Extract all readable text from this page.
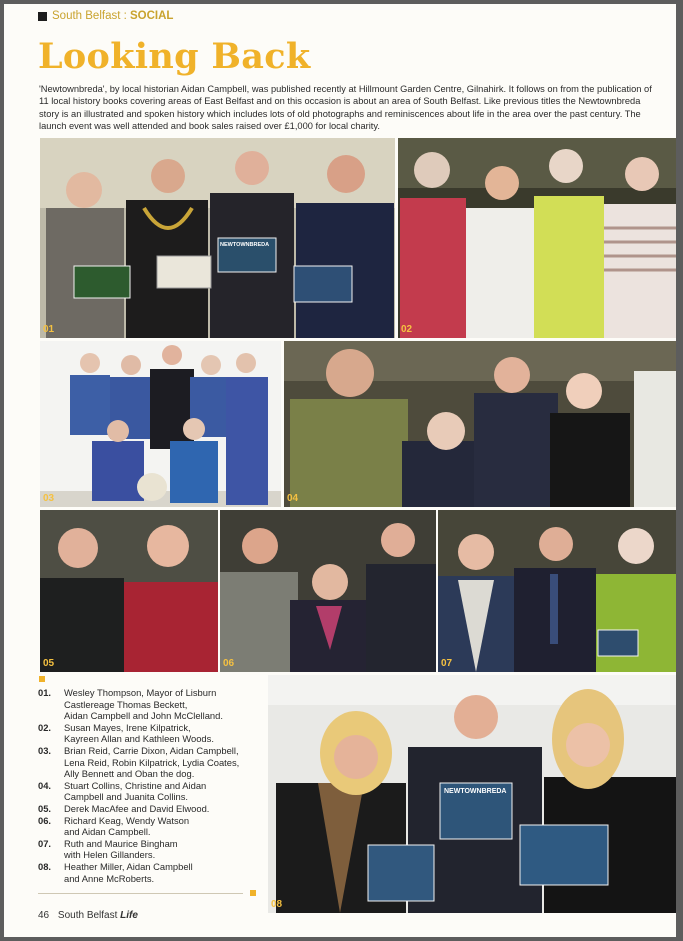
South Belfast : SOCIAL
Looking Back
'Newtownbreda', by local historian Aidan Campbell, was published recently at Hillmount Garden Centre, Gilnahirk. It follows on from the publication of 11 local history books covering areas of East Belfast and on this occasion is about an area of South Belfast. Like previous titles the Newtownbreda story is an illustrated and spoken history which includes lots of old photographs and reminiscences about life in the area over the past century. The launch event was well attended and book sales raised over £1,000 for local charity.
NEWTOWNBREDA
01	02
03	04
05	06	07
NEWTOWNBREDA
08
01.	Wesley Thompson, Mayor of Lisburn
Castlereage Thomas Beckett,
Aidan Campbell and John McClelland.
02.	Susan Mayes, Irene Kilpatrick,
Kayreen Allan and Kathleen Woods.
03.	Brian Reid, Carrie Dixon, Aidan Campbell,
Lena Reid, Robin Kilpatrick, Lydia Coates,
Ally Bennett and Oban the dog.
04.	Stuart Collins, Christine and Aidan
Campbell and Juanita Collins.
05.	Derek MacAfee and David Elwood.
06.	Richard Keag, Wendy Watson
and Aidan Campbell.
07.	Ruth and Maurice Bingham
with Helen Gillanders.
08.	Heather Miller, Aidan Campbell
and Anne McRoberts.
46 South Belfast Life
